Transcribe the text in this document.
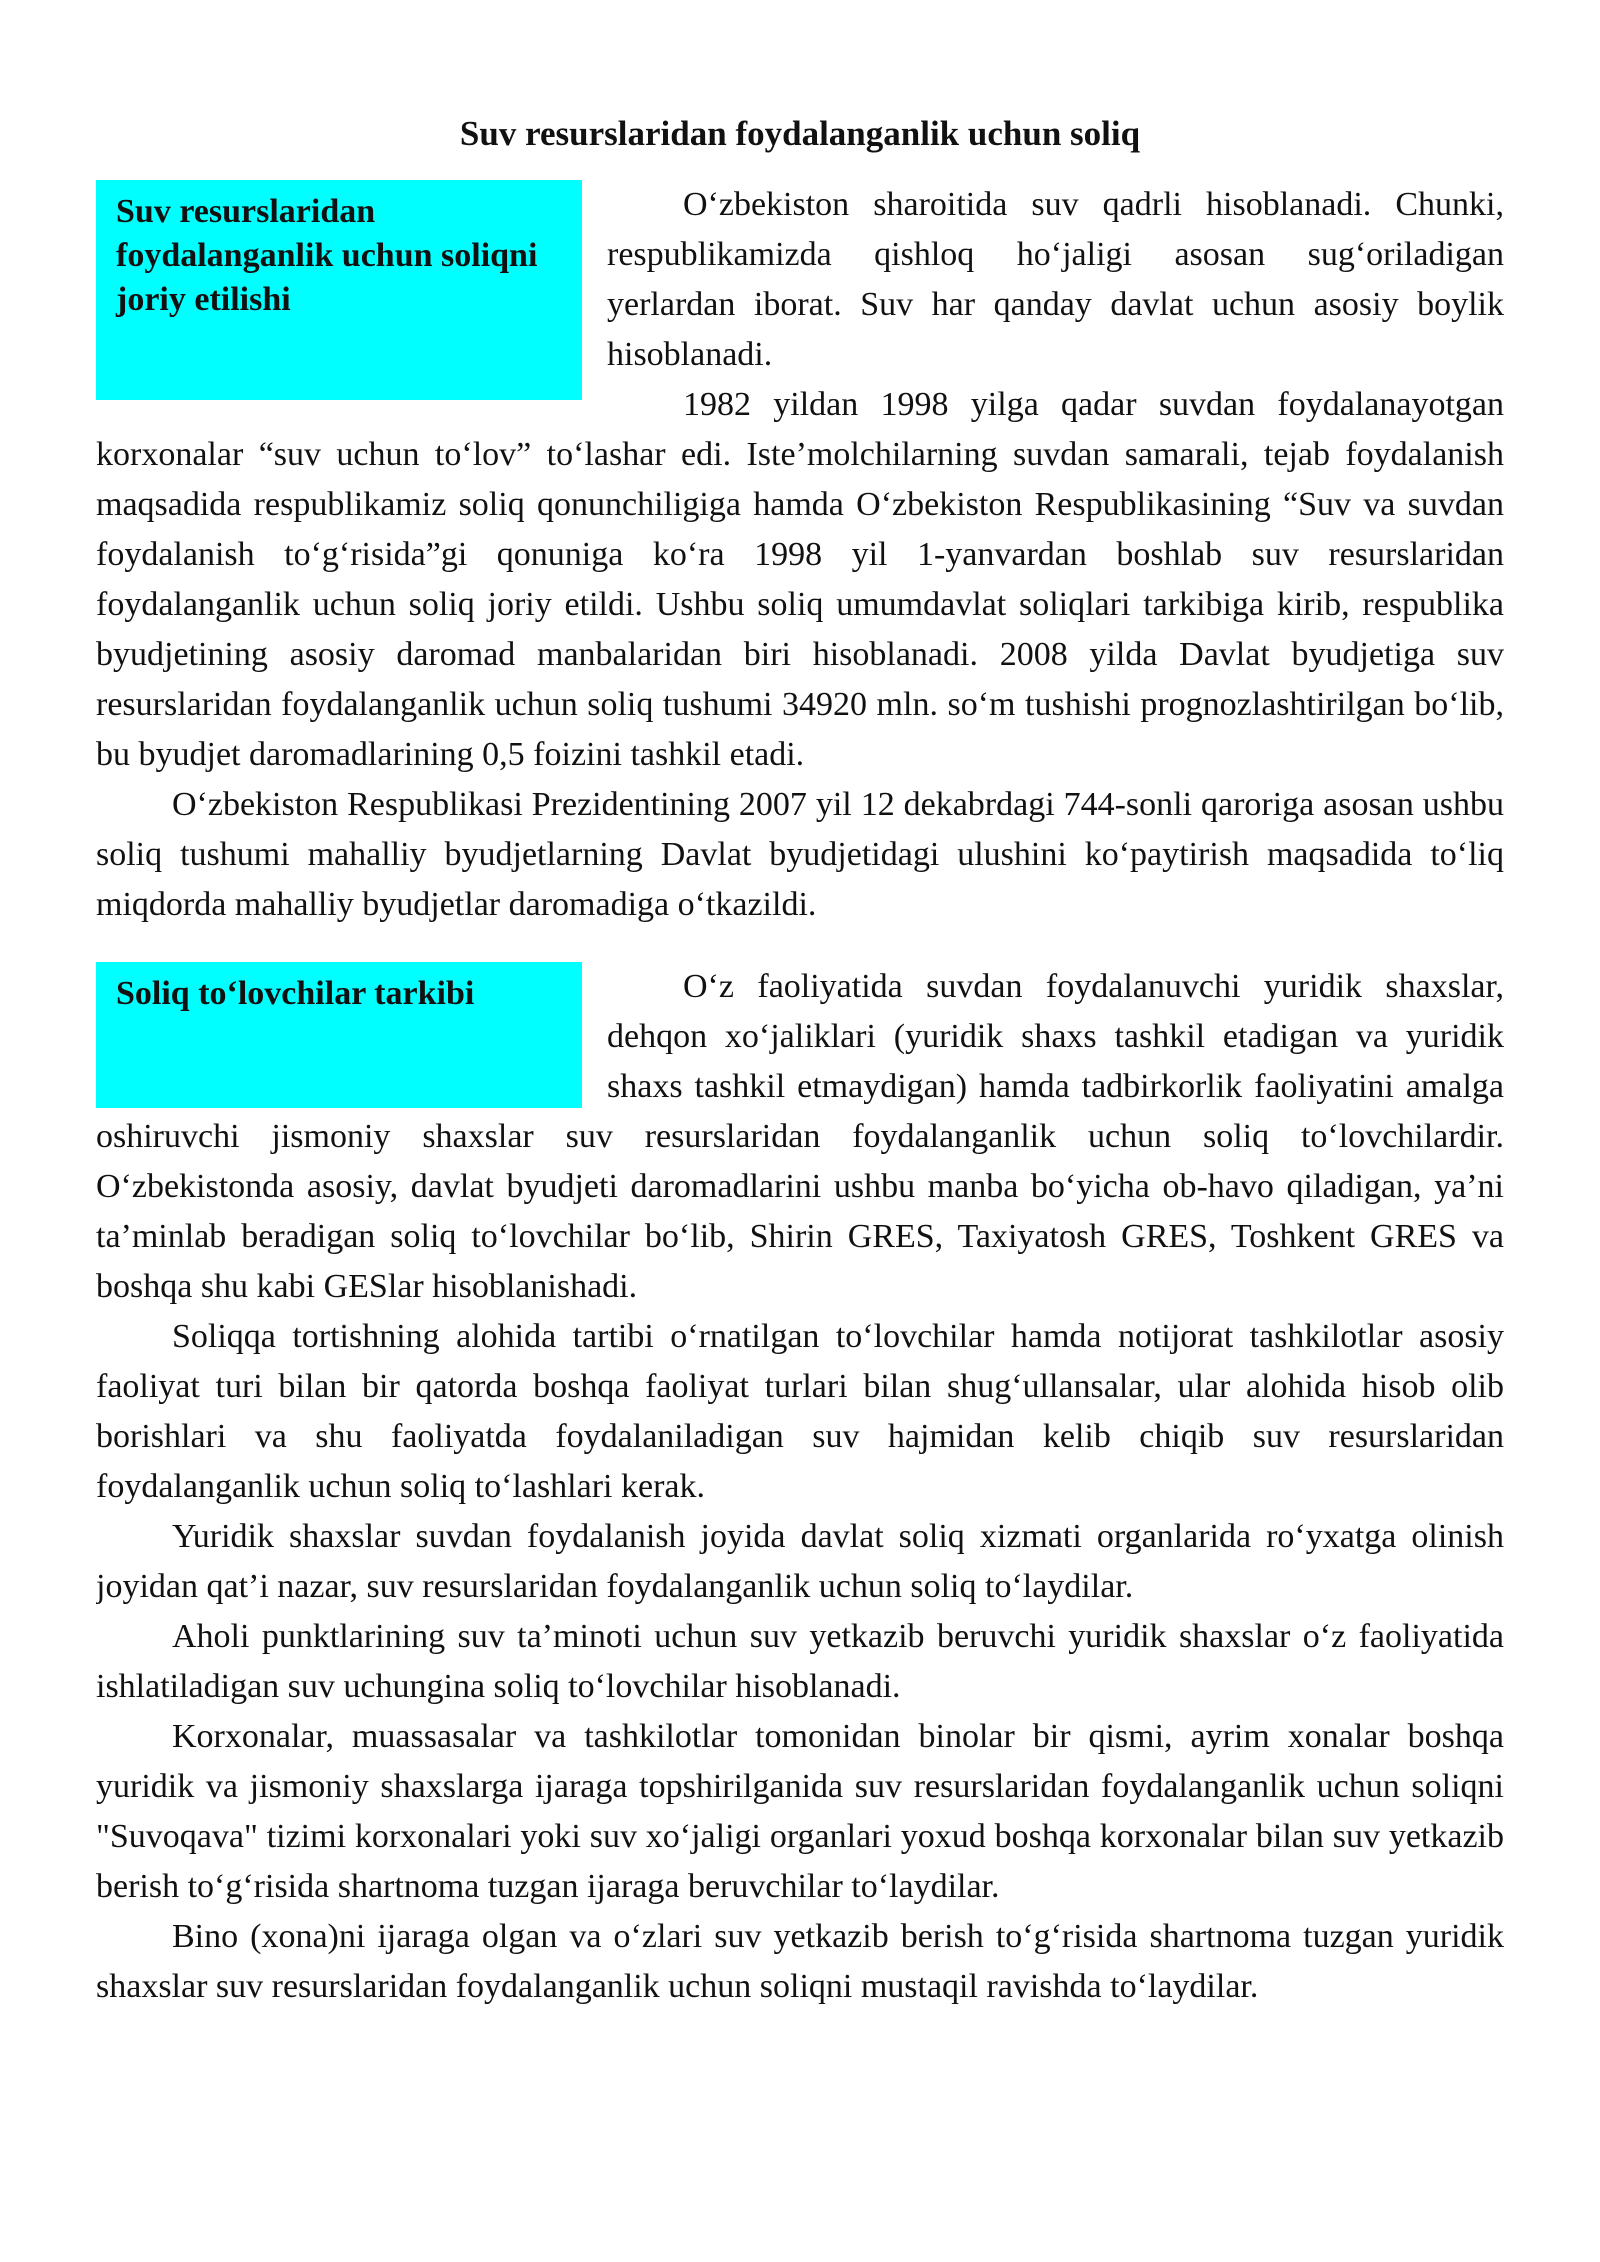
Suv resurslaridan foydalanganlik uchun soliq
Suv resurslaridan foydalanganlik uchun soliqni joriy etilishi

O‘zbekiston sharoitida suv qadrli hisoblanadi. Chunki, respublikamizda qishloq ho‘jaligi asosan sug‘oriladigan yerlardan iborat. Suv har qanday davlat uchun asosiy boylik hisoblanadi.

1982 yildan 1998 yilga qadar suvdan foydalanayotgan korxonalar “suv uchun to‘lov” to‘lashar edi. Iste’molchilarning suvdan samarali, tejab foydalanish maqsadida respublikamiz soliq qonunchiligiga hamda O‘zbekiston Respublikasining “Suv va suvdan foydalanish to‘g‘risida”gi qonuniga ko‘ra 1998 yil 1-yanvardan boshlab suv resurslaridan foydalanganlik uchun soliq joriy etildi. Ushbu soliq umumdavlat soliqlari tarkibiga kirib, respublika byudjetining asosiy daromad manbalaridan biri hisoblanadi. 2008 yilda Davlat byudjetiga suv resurslaridan foydalanganlik uchun soliq tushumi 34920 mln. so‘m tushishi prognozlashtirilgan bo‘lib, bu byudjet daromadlarining 0,5 foizini tashkil etadi.

O‘zbekiston Respublikasi Prezidentining 2007 yil 12 dekabrdagi 744-sonli qaroriga asosan ushbu soliq tushumi mahalliy byudjetlarning Davlat byudjetidagi ulushini ko‘paytirish maqsadida to‘liq miqdorda mahalliy byudjetlar daromadiga o‘tkazildi.

Soliq to‘lovchilar tarkibi	O‘z faoliyatida suvdan foydalanuvchi yuridik shaxslar, dehqon xo‘jaliklari (yuridik shaxs tashkil etadigan va yuridik shaxs tashkil etmaydigan) hamda tadbirkorlik faoliyatini amalga oshiruvchi jismoniy shaxslar suv resurslaridan foydalanganlik uchun soliq to‘lovchilardir. O‘zbekistonda asosiy, davlat byudjeti daromadlarini ushbu manba bo‘yicha ob-havo qiladigan, ya’ni ta’minlab beradigan soliq to‘lovchilar bo‘lib, Shirin GRES, Taxiyatosh GRES, Toshkent GRES va boshqa shu kabi GESlar hisoblanishadi.

Soliqqa tortishning alohida tartibi o‘rnatilgan to‘lovchilar hamda notijorat tashkilotlar asosiy faoliyat turi bilan bir qatorda boshqa faoliyat turlari bilan shug‘ullansalar, ular alohida hisob olib borishlari va shu faoliyatda foydalaniladigan suv hajmidan kelib chiqib suv resurslaridan foydalanganlik uchun soliq to‘lashlari kerak.

Yuridik shaxslar suvdan foydalanish joyida davlat soliq xizmati organlarida ro‘yxatga olinish joyidan qat’i nazar, suv resurslaridan foydalanganlik uchun soliq to‘laydilar.

Aholi punktlarining suv ta’minoti uchun suv yetkazib beruvchi yuridik shaxslar o‘z faoliyatida ishlatiladigan suv uchungina soliq to‘lovchilar hisoblanadi.

Korxonalar, muassasalar va tashkilotlar tomonidan binolar bir qismi, ayrim xonalar boshqa yuridik va jismoniy shaxslarga ijaraga topshirilganida suv resurslaridan foydalanganlik uchun soliqni "Suvoqava" tizimi korxonalari yoki suv xo‘jaligi organlari yoxud boshqa korxonalar bilan suv yetkazib berish to‘g‘risida shartnoma tuzgan ijaraga beruvchilar to‘laydilar.

Bino (xona)ni ijaraga olgan va o‘zlari suv yetkazib berish to‘g‘risida shartnoma tuzgan yuridik shaxslar suv resurslaridan foydalanganlik uchun soliqni mustaqil ravishda to‘laydilar.
